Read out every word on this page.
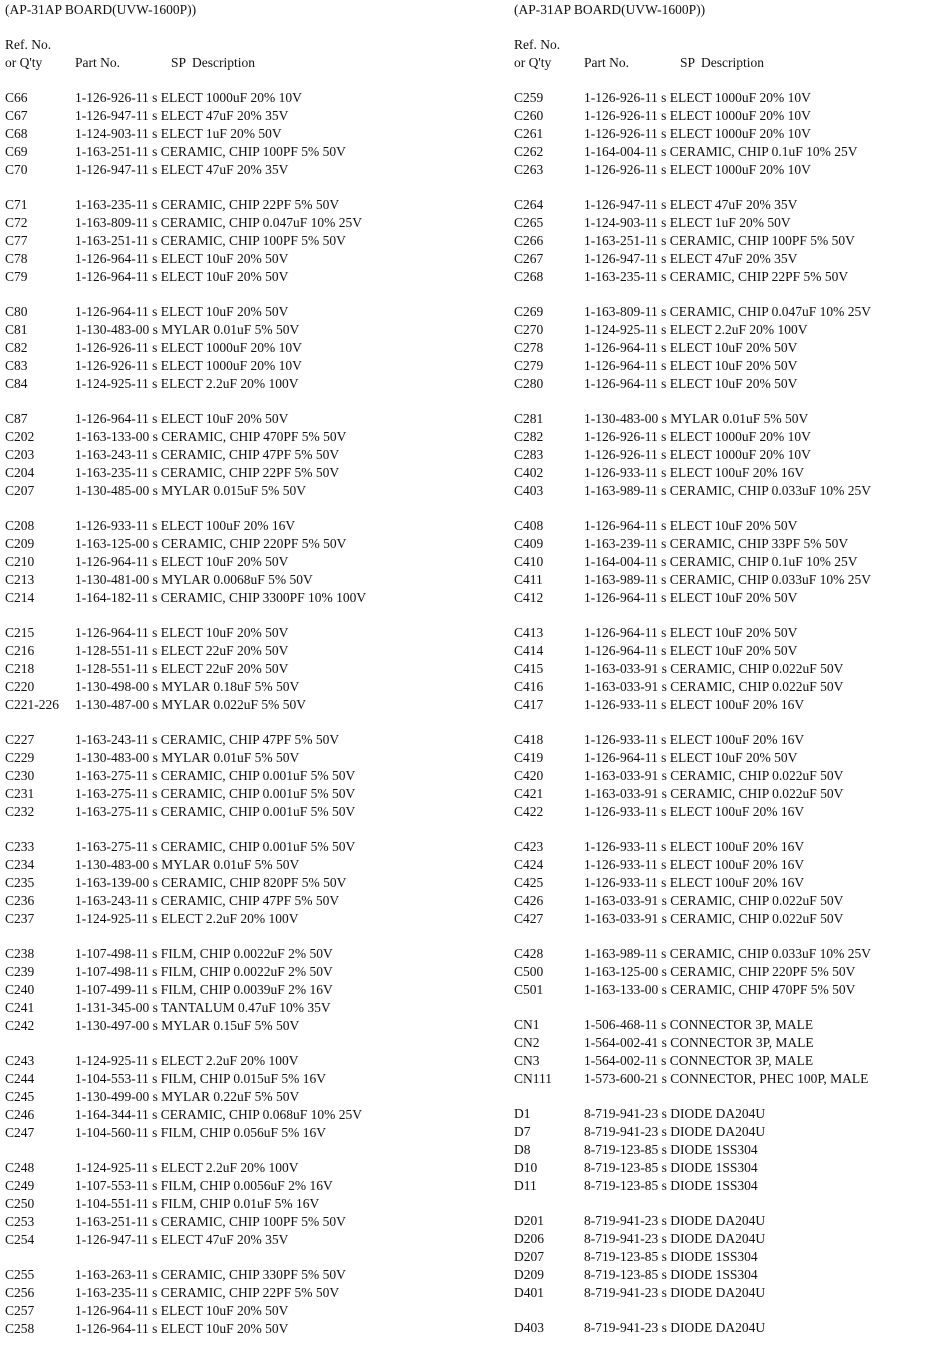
(AP-31AP BOARD(UVW-1600P))
Ref. No.
or Q'ty Part No.	SP Description
C66	1-126-926-11 s ELECT 1000uF 20% 10V
C67	1-126-947-11 s ELECT 47uF 20% 35V
C68	1-124-903-11 s ELECT 1uF 20% 50V
C69	1-163-251-11 s CERAMIC, CHIP 100PF 5% 50V
C70	1-126-947-11 s ELECT 47uF 20% 35V
C71	1-163-235-11 s CERAMIC, CHIP 22PF 5% 50V
C72	1-163-809-11 s CERAMIC, CHIP 0.047uF 10% 25V
C77	1-163-251-11 s CERAMIC, CHIP 100PF 5% 50V
C78	1-126-964-11 s ELECT 10uF 20% 50V
C79	1-126-964-11 s ELECT 10uF 20% 50V
C80	1-126-964-11 s ELECT 10uF 20% 50V
C81	1-130-483-00 s MYLAR 0.01uF 5% 50V
C82	1-126-926-11 s ELECT 1000uF 20% 10V
C83	1-126-926-11 s ELECT 1000uF 20% 10V
C84	1-124-925-11 s ELECT 2.2uF 20% 100V
C87	1-126-964-11 s ELECT 10uF 20% 50V
C202	1-163-133-00 s CERAMIC, CHIP 470PF 5% 50V
C203	1-163-243-11 s CERAMIC, CHIP 47PF 5% 50V
C204	1-163-235-11 s CERAMIC, CHIP 22PF 5% 50V
C207	1-130-485-00 s MYLAR 0.015uF 5% 50V
C208	1-126-933-11 s ELECT 100uF 20% 16V
C209	1-163-125-00 s CERAMIC, CHIP 220PF 5% 50V
C210	1-126-964-11 s ELECT 10uF 20% 50V
C213	1-130-481-00 s MYLAR 0.0068uF 5% 50V
C214	1-164-182-11 s CERAMIC, CHIP 3300PF 10% 100V
C215	1-126-964-11 s ELECT 10uF 20% 50V
C216	1-128-551-11 s ELECT 22uF 20% 50V
C218	1-128-551-11 s ELECT 22uF 20% 50V
C220	1-130-498-00 s MYLAR 0.18uF 5% 50V
C221-226 1-130-487-00 s MYLAR 0.022uF 5% 50V
C227	1-163-243-11 s CERAMIC, CHIP 47PF 5% 50V
C229	1-130-483-00 s MYLAR 0.01uF 5% 50V
C230	1-163-275-11 s CERAMIC, CHIP 0.001uF 5% 50V
C231	1-163-275-11 s CERAMIC, CHIP 0.001uF 5% 50V
C232	1-163-275-11 s CERAMIC, CHIP 0.001uF 5% 50V
C233	1-163-275-11 s CERAMIC, CHIP 0.001uF 5% 50V
C234	1-130-483-00 s MYLAR 0.01uF 5% 50V
C235	1-163-139-00 s CERAMIC, CHIP 820PF 5% 50V
C236	1-163-243-11 s CERAMIC, CHIP 47PF 5% 50V
C237	1-124-925-11 s ELECT 2.2uF 20% 100V
C238	1-107-498-11 s FILM, CHIP 0.0022uF 2% 50V
C239	1-107-498-11 s FILM, CHIP 0.0022uF 2% 50V
C240	1-107-499-11 s FILM, CHIP 0.0039uF 2% 16V
C241	1-131-345-00 s TANTALUM 0.47uF 10% 35V
C242	1-130-497-00 s MYLAR 0.15uF 5% 50V
C243	1-124-925-11 s ELECT 2.2uF 20% 100V
C244	1-104-553-11 s FILM, CHIP 0.015uF 5% 16V
C245	1-130-499-00 s MYLAR 0.22uF 5% 50V
C246	1-164-344-11 s CERAMIC, CHIP 0.068uF 10% 25V
C247	1-104-560-11 s FILM, CHIP 0.056uF 5% 16V
C248	1-124-925-11 s ELECT 2.2uF 20% 100V
C249	1-107-553-11 s FILM, CHIP 0.0056uF 2% 16V
C250	1-104-551-11 s FILM, CHIP 0.01uF 5% 16V
C253	1-163-251-11 s CERAMIC, CHIP 100PF 5% 50V
C254	1-126-947-11 s ELECT 47uF 20% 35V
C255	1-163-263-11 s CERAMIC, CHIP 330PF 5% 50V
C256	1-163-235-11 s CERAMIC, CHIP 22PF 5% 50V
C257	1-126-964-11 s ELECT 10uF 20% 50V
C258	1-126-964-11 s ELECT 10uF 20% 50V
(AP-31AP BOARD(UVW-1600P))
Ref. No.
or Q'ty Part No.	SP Description
C259	1-126-926-11 s ELECT 1000uF 20% 10V
C260	1-126-926-11 s ELECT 1000uF 20% 10V
C261	1-126-926-11 s ELECT 1000uF 20% 10V
C262	1-164-004-11 s CERAMIC, CHIP 0.1uF 10% 25V
C263	1-126-926-11 s ELECT 1000uF 20% 10V
C264	1-126-947-11 s ELECT 47uF 20% 35V
C265	1-124-903-11 s ELECT 1uF 20% 50V
C266	1-163-251-11 s CERAMIC, CHIP 100PF 5% 50V
C267	1-126-947-11 s ELECT 47uF 20% 35V
C268	1-163-235-11 s CERAMIC, CHIP 22PF 5% 50V
C269	1-163-809-11 s CERAMIC, CHIP 0.047uF 10% 25V
C270	1-124-925-11 s ELECT 2.2uF 20% 100V
C278	1-126-964-11 s ELECT 10uF 20% 50V
C279	1-126-964-11 s ELECT 10uF 20% 50V
C280	1-126-964-11 s ELECT 10uF 20% 50V
C281	1-130-483-00 s MYLAR 0.01uF 5% 50V
C282	1-126-926-11 s ELECT 1000uF 20% 10V
C283	1-126-926-11 s ELECT 1000uF 20% 10V
C402	1-126-933-11 s ELECT 100uF 20% 16V
C403	1-163-989-11 s CERAMIC, CHIP 0.033uF 10% 25V
C408	1-126-964-11 s ELECT 10uF 20% 50V
C409	1-163-239-11 s CERAMIC, CHIP 33PF 5% 50V
C410	1-164-004-11 s CERAMIC, CHIP 0.1uF 10% 25V
C411	1-163-989-11 s CERAMIC, CHIP 0.033uF 10% 25V
C412	1-126-964-11 s ELECT 10uF 20% 50V
C413	1-126-964-11 s ELECT 10uF 20% 50V
C414	1-126-964-11 s ELECT 10uF 20% 50V
C415	1-163-033-91 s CERAMIC, CHIP 0.022uF 50V
C416	1-163-033-91 s CERAMIC, CHIP 0.022uF 50V
C417	1-126-933-11 s ELECT 100uF 20% 16V
C418	1-126-933-11 s ELECT 100uF 20% 16V
C419	1-126-964-11 s ELECT 10uF 20% 50V
C420	1-163-033-91 s CERAMIC, CHIP 0.022uF 50V
C421	1-163-033-91 s CERAMIC, CHIP 0.022uF 50V
C422	1-126-933-11 s ELECT 100uF 20% 16V
C423	1-126-933-11 s ELECT 100uF 20% 16V
C424	1-126-933-11 s ELECT 100uF 20% 16V
C425	1-126-933-11 s ELECT 100uF 20% 16V
C426	1-163-033-91 s CERAMIC, CHIP 0.022uF 50V
C427	1-163-033-91 s CERAMIC, CHIP 0.022uF 50V
C428	1-163-989-11 s CERAMIC, CHIP 0.033uF 10% 25V
C500	1-163-125-00 s CERAMIC, CHIP 220PF 5% 50V
C501	1-163-133-00 s CERAMIC, CHIP 470PF 5% 50V
CN1	1-506-468-11 s CONNECTOR 3P, MALE
CN2	1-564-002-41 s CONNECTOR 3P, MALE
CN3	1-564-002-11 s CONNECTOR 3P, MALE
CN111 1-573-600-21 s CONNECTOR, PHEC 100P, MALE
D1	8-719-941-23 s DIODE DA204U
D7	8-719-941-23 s DIODE DA204U
D8	8-719-123-85 s DIODE 1SS304
D10	8-719-123-85 s DIODE 1SS304
D11	8-719-123-85 s DIODE 1SS304
D201	8-719-941-23 s DIODE DA204U
D206	8-719-941-23 s DIODE DA204U
D207	8-719-123-85 s DIODE 1SS304
D209	8-719-123-85 s DIODE 1SS304
D401	8-719-941-23 s DIODE DA204U
D403	8-719-941-23 s DIODE DA204U
